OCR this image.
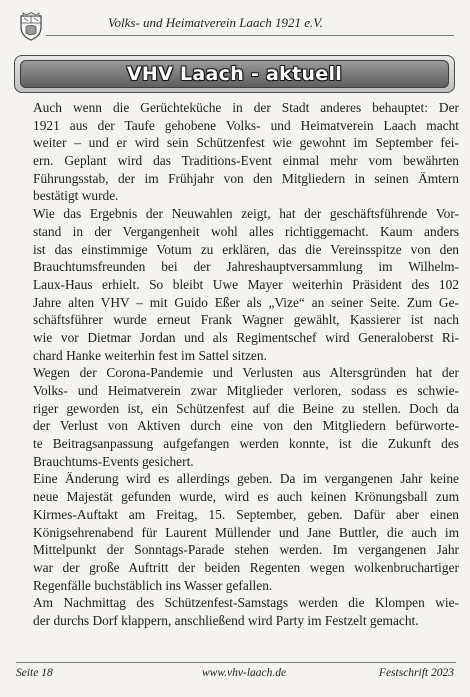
Volks- und Heimatverein Laach 1921 e.V.
VHV Laach - aktuell
Auch wenn die Gerüchteküche in der Stadt anderes behauptet: Der
1921 aus der Taufe gehobene Volks- und Heimatverein Laach macht
weiter – und er wird sein Schützenfest wie gewohnt im September fei-
ern. Geplant wird das Traditions-Event einmal mehr vom bewährten
Führungsstab, der im Frühjahr von den Mitgliedern in seinen Ämtern
bestätigt wurde.
Wie das Ergebnis der Neuwahlen zeigt, hat der geschäftsführende Vor-
stand in der Vergangenheit wohl alles richtiggemacht. Kaum anders
ist das einstimmige Votum zu erklären, das die Vereinsspitze von den
Brauchtumsfreunden bei der Jahreshauptversammlung im Wilhelm-
Laux-Haus erhielt. So bleibt Uwe Mayer weiterhin Präsident des 102
Jahre alten VHV – mit Guido Eßer als „Vize“ an seiner Seite. Zum Ge-
schäftsführer wurde erneut Frank Wagner gewählt, Kassierer ist nach
wie vor Dietmar Jordan und als Regimentschef wird Generaloberst Ri-
chard Hanke weiterhin fest im Sattel sitzen.
Wegen der Corona-Pandemie und Verlusten aus Altersgründen hat der
Volks- und Heimatverein zwar Mitglieder verloren, sodass es schwie-
riger geworden ist, ein Schützenfest auf die Beine zu stellen. Doch da
der Verlust von Aktiven durch eine von den Mitgliedern befürworte-
te Beitragsanpassung aufgefangen werden konnte, ist die Zukunft des
Brauchtums-Events gesichert.
Eine Änderung wird es allerdings geben. Da im vergangenen Jahr keine
neue Majestät gefunden wurde, wird es auch keinen Krönungsball zum
Kirmes-Auftakt am Freitag, 15. September, geben. Dafür aber einen
Königsehrenabend für Laurent Müllender und Jane Buttler, die auch im
Mittelpunkt der Sonntags-Parade stehen werden. Im vergangenen Jahr
war der große Auftritt der beiden Regenten wegen wolkenbruchartiger
Regenfälle buchstäblich ins Wasser gefallen.
Am Nachmittag des Schützenfest-Samstags werden die Klompen wie-
der durchs Dorf klappern, anschließend wird Party im Festzelt gemacht.
Seite 18	www.vhv-laach.de	Festschrift 2023
